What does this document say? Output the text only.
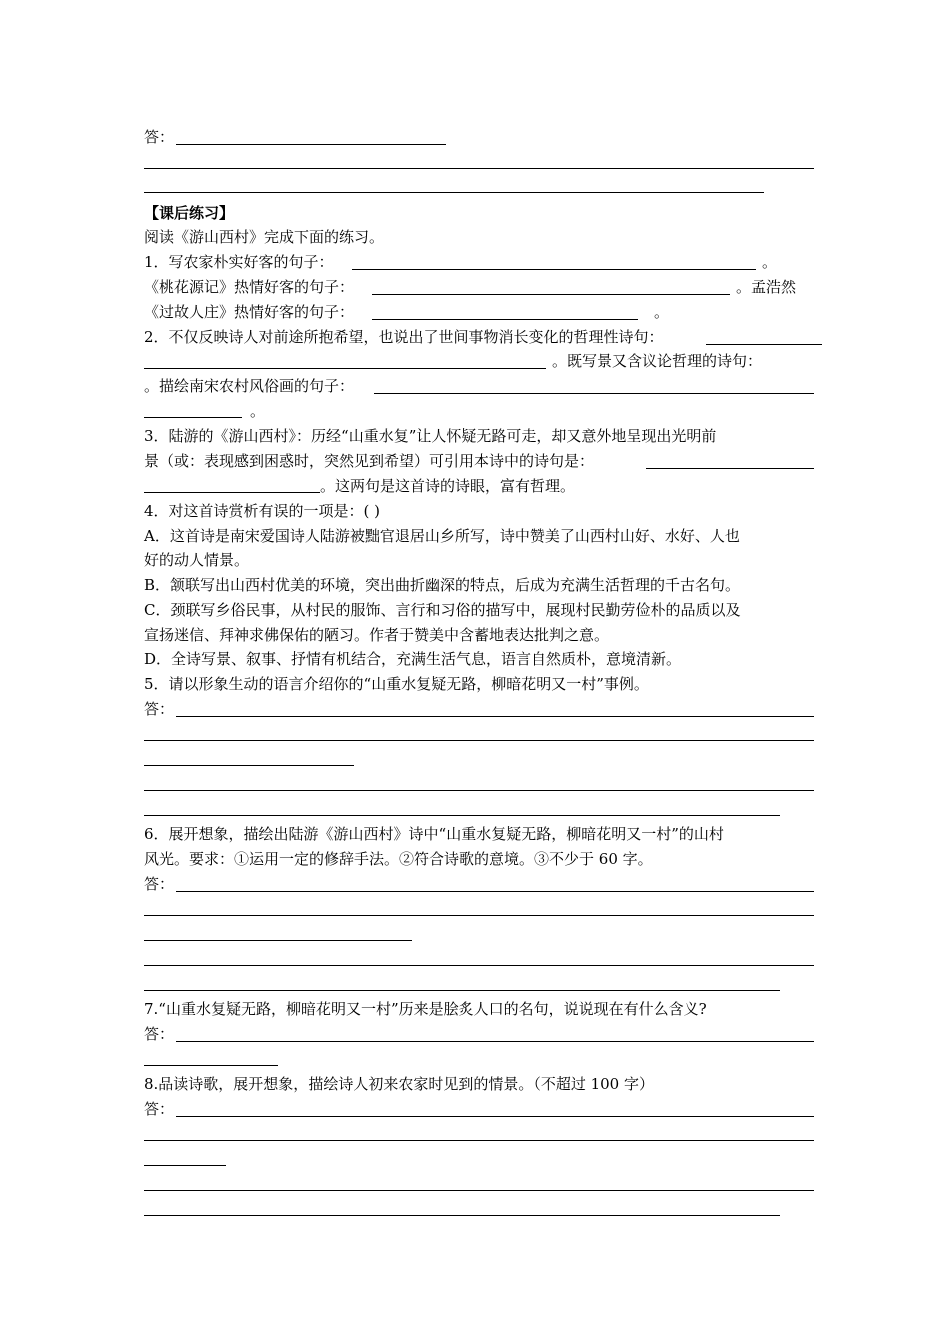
答：
【课后练习】
阅读《游山西村》完成下面的练习。
1．写农家朴实好客的句子：	。
《桃花源记》热情好客的句子：	。孟浩然
《过故人庄》热情好客的句子：	。
2．不仅反映诗人对前途所抱希望，也说出了世间事物消长变化的哲理性诗句：
。既写景又含议论哲理的诗句：
。描绘南宋农村风俗画的句子：
。
3．陆游的《游山西村》：历经“山重水复”让人怀疑无路可走，却又意外地呈现出光明前
景（或：表现感到困惑时，突然见到希望）可引用本诗中的诗句是：
。这两句是这首诗的诗眼，富有哲理。
4．对这首诗赏析有误的一项是：( )
A．这首诗是南宋爱国诗人陆游被黜官退居山乡所写，诗中赞美了山西村山好、水好、人也
好的动人情景。
B．颔联写出山西村优美的环境，突出曲折幽深的特点，后成为充满生活哲理的千古名句。
C．颈联写乡俗民事，从村民的服饰、言行和习俗的描写中，展现村民勤劳俭朴的品质以及
宣扬迷信、拜神求佛保佑的陋习。作者于赞美中含蓄地表达批判之意。
D．全诗写景、叙事、抒情有机结合，充满生活气息，语言自然质朴，意境清新。
5．请以形象生动的语言介绍你的“山重水复疑无路，柳暗花明又一村”事例。
答：
6．展开想象，描绘出陆游《游山西村》诗中“山重水复疑无路，柳暗花明又一村”的山村
风光。要求：①运用一定的修辞手法。②符合诗歌的意境。③不少于 60 字。
答：
7.“山重水复疑无路，柳暗花明又一村”历来是脍炙人口的名句，说说现在有什么含义?
答：
8.品读诗歌，展开想象，描绘诗人初来农家时见到的情景。（不超过 100 字）
答：
